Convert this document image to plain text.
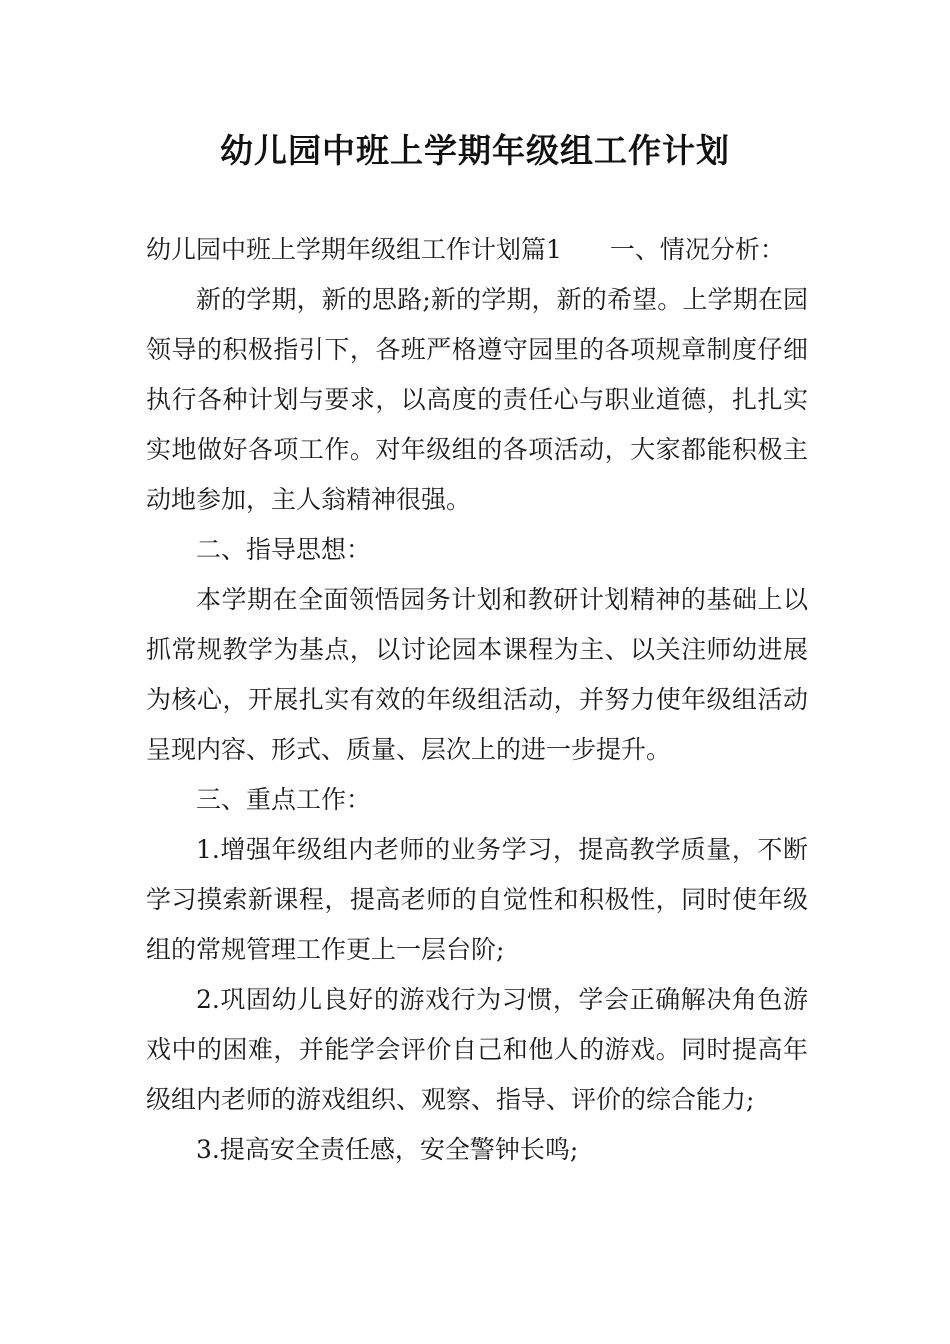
幼儿园中班上学期年级组工作计划

幼儿园中班上学期年级组工作计划篇1 一、情况分析：

新的学期，新的思路;新的学期，新的希望。上学期在园领导的积极指引下，各班严格遵守园里的各项规章制度仔细执行各种计划与要求，以高度的责任心与职业道德，扎扎实实地做好各项工作。对年级组的各项活动，大家都能积极主动地参加，主人翁精神很强。

二、指导思想：

本学期在全面领悟园务计划和教研计划精神的基础上以抓常规教学为基点，以讨论园本课程为主、以关注师幼进展为核心，开展扎实有效的年级组活动，并努力使年级组活动呈现内容、形式、质量、层次上的进一步提升。

三、重点工作：

1.增强年级组内老师的业务学习，提高教学质量，不断学习摸索新课程，提高老师的自觉性和积极性，同时使年级组的常规管理工作更上一层台阶;

2.巩固幼儿良好的游戏行为习惯，学会正确解决角色游戏中的困难，并能学会评价自己和他人的游戏。同时提高年级组内老师的游戏组织、观察、指导、评价的综合能力;

3.提高安全责任感，安全警钟长鸣;
